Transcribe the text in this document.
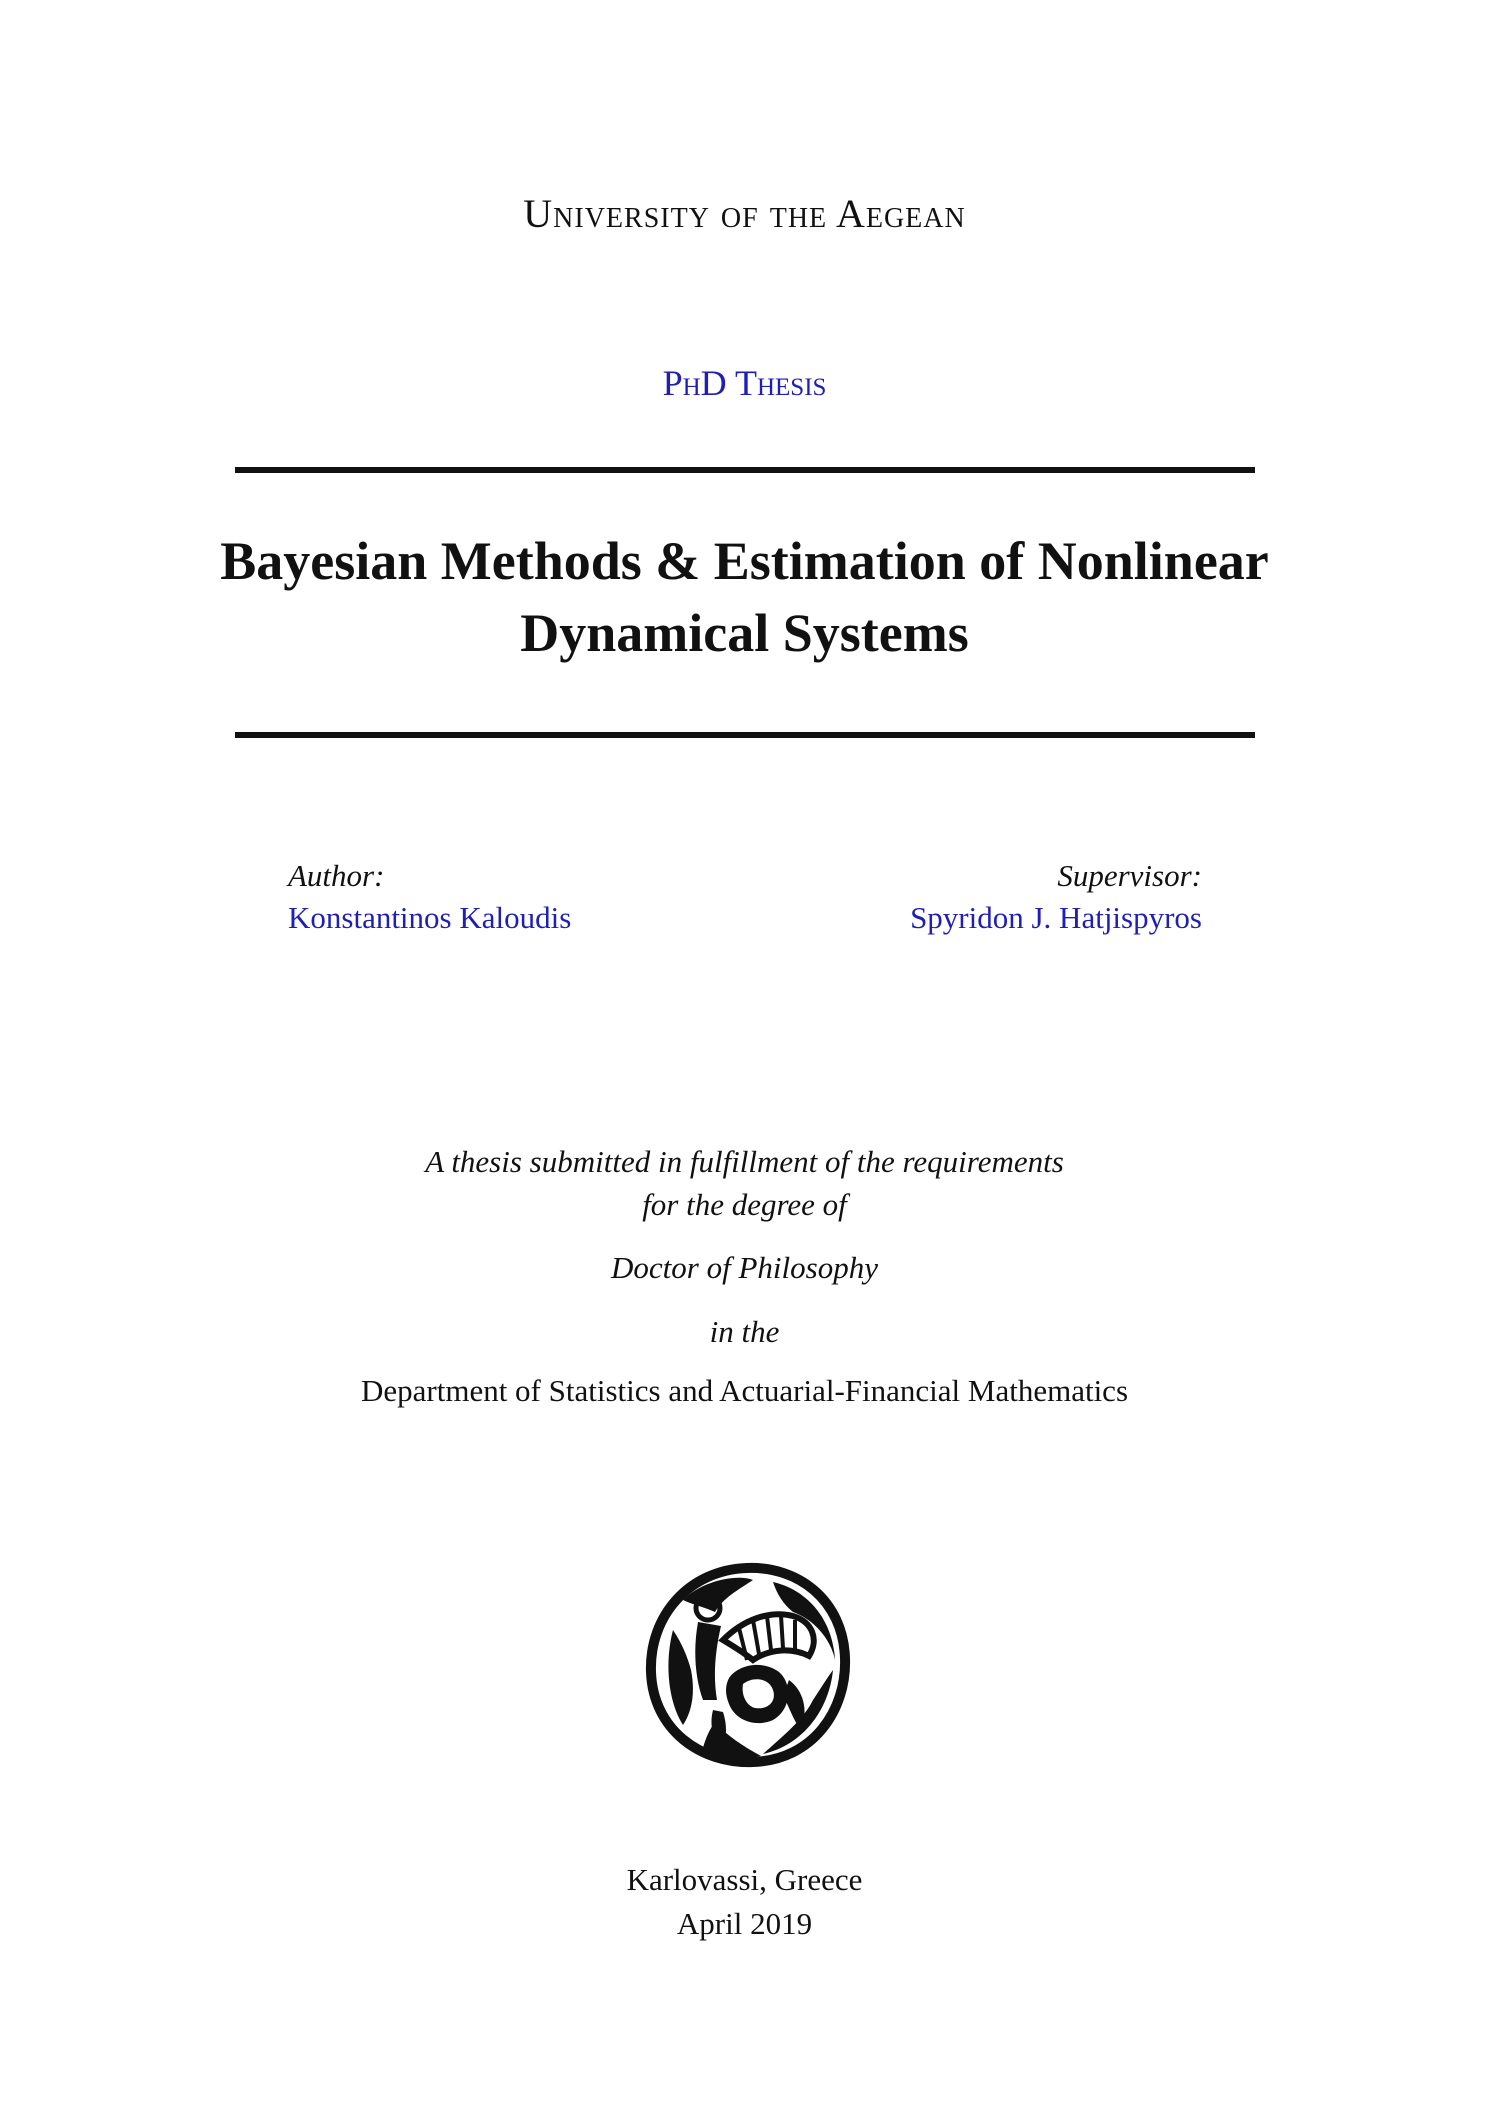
University of the Aegean
PhD Thesis
Bayesian Methods & Estimation of Nonlinear
Dynamical Systems
Author:
Konstantinos Kaloudis
Supervisor:
Spyridon J. Hatjispyros
A thesis submitted in fulfillment of the requirements
for the degree of
Doctor of Philosophy
in the
Department of Statistics and Actuarial-Financial Mathematics
Karlovassi, Greece
April 2019
